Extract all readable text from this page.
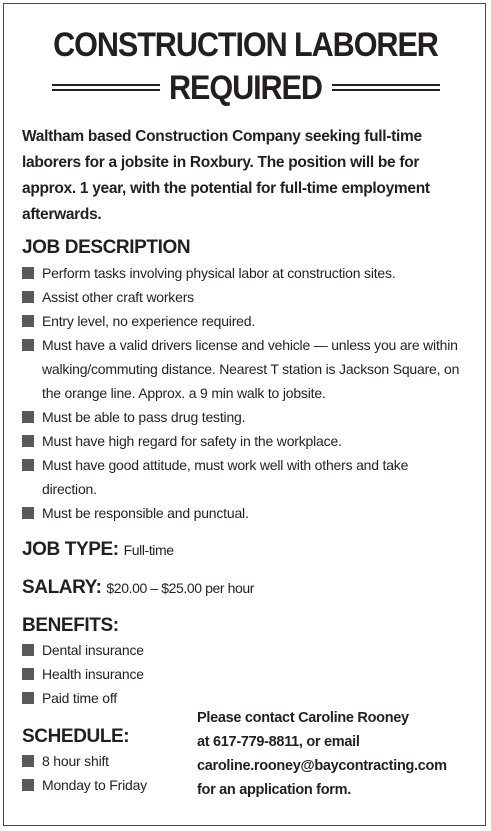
CONSTRUCTION LABORER
REQUIRED

Waltham based Construction Company seeking full-time laborers for a jobsite in Roxbury. The position will be for approx. 1 year, with the potential for full-time employment afterwards.

JOB DESCRIPTION
Perform tasks involving physical labor at construction sites.
Assist other craft workers
Entry level, no experience required.
Must have a valid drivers license and vehicle — unless you are within walking/commuting distance. Nearest T station is Jackson Square, on the orange line. Approx. a 9 min walk to jobsite.
Must be able to pass drug testing.
Must have high regard for safety in the workplace.
Must have good attitude, must work well with others and take direction.
Must be responsible and punctual.
JOB TYPE: Full-time
SALARY: $20.00 – $25.00 per hour
BENEFITS:
Dental insurance
Health insurance
Paid time off
SCHEDULE:
8 hour shift
Monday to Friday
Please contact Caroline Rooney
at 617-779-8811, or email
caroline.rooney@baycontracting.com
for an application form.
